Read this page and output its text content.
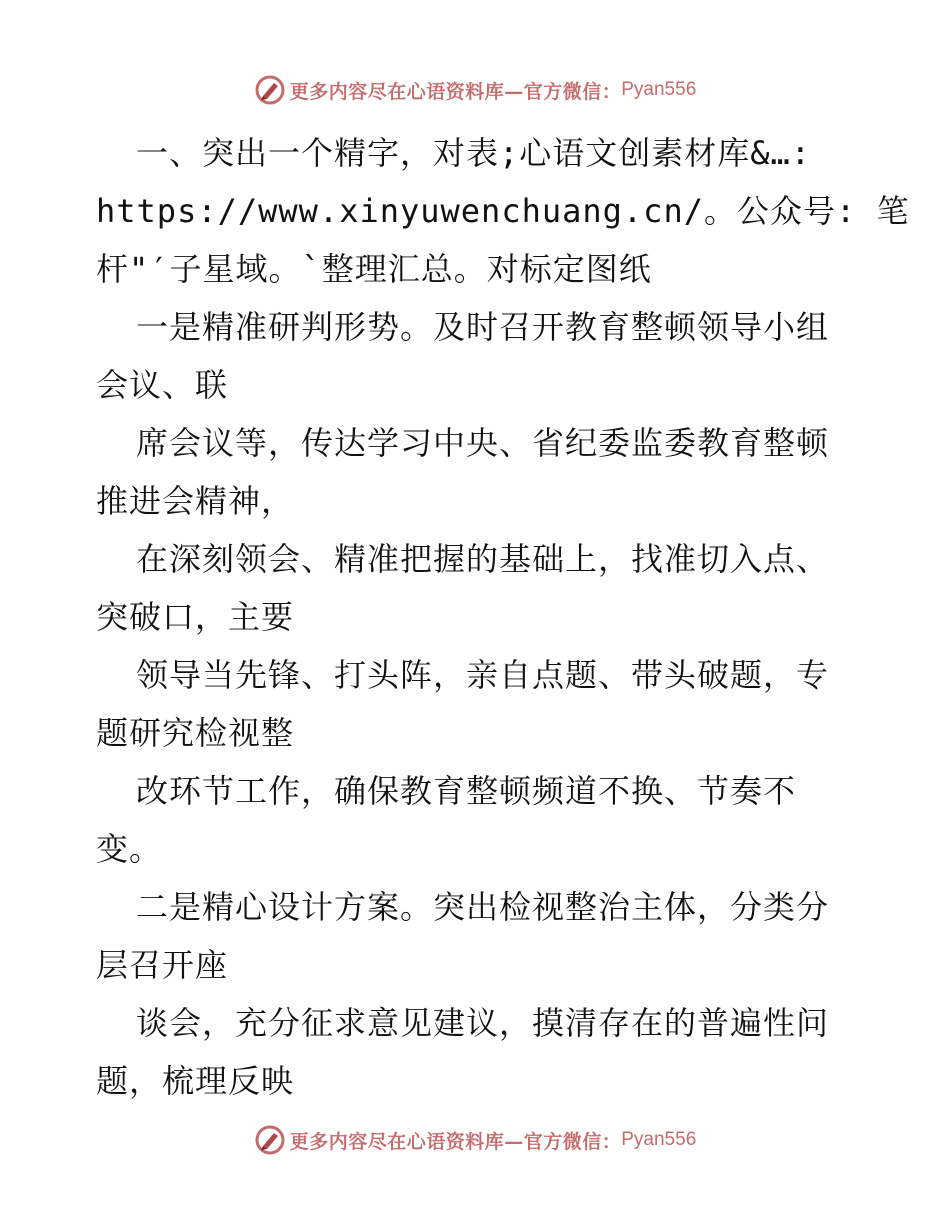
更多内容尽在心语资料库—官方微信： Pyan556
一、突出一个精字，对表;心语文创素材库&…:
https://www.xinyuwenchuang.cn/。公众号: 笔
杆"′子星域。`整理汇总。对标定图纸
一是精准研判形势。及时召开教育整顿领导小组
会议、联
席会议等，传达学习中央、省纪委监委教育整顿
推进会精神，
在深刻领会、精准把握的基础上，找准切入点、
突破口，主要
领导当先锋、打头阵，亲自点题、带头破题，专
题研究检视整
改环节工作，确保教育整顿频道不换、节奏不
变。
二是精心设计方案。突出检视整治主体，分类分
层召开座
谈会，充分征求意见建议，摸清存在的普遍性问
题，梳理反映
更多内容尽在心语资料库—官方微信： Pyan556
